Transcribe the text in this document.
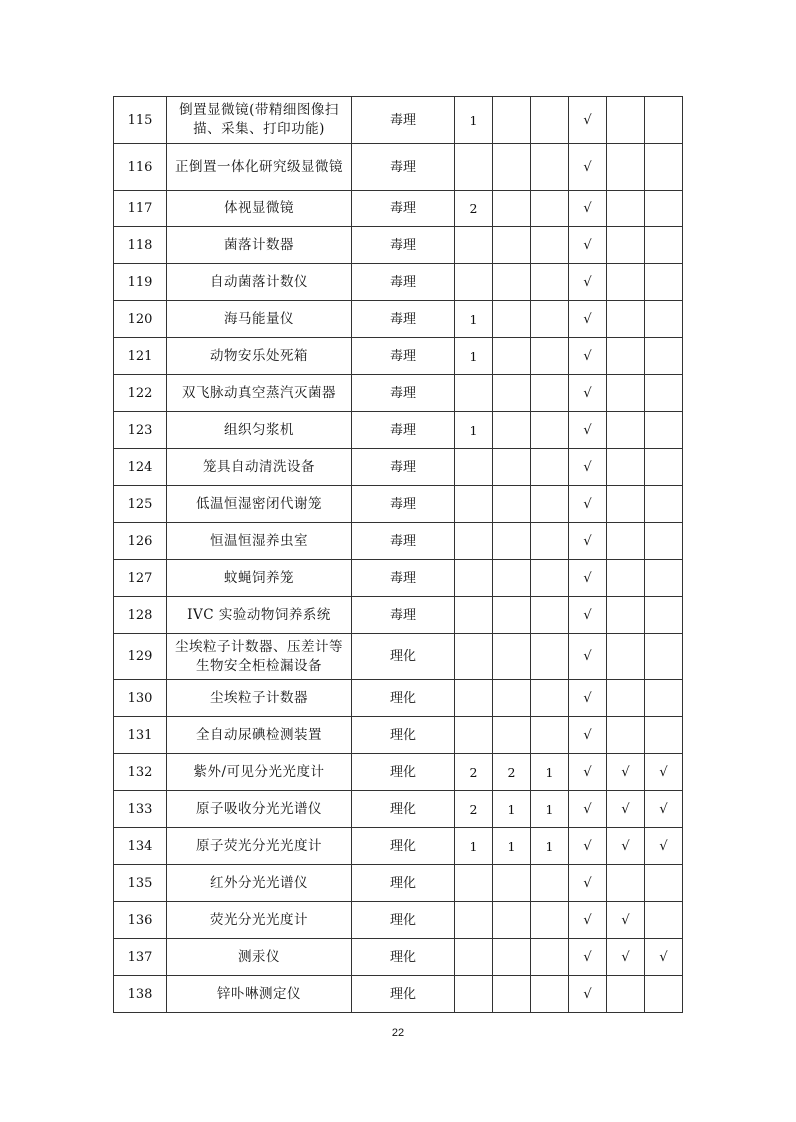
115	倒置显微镜(带精细图像扫描、采集、打印功能)	毒理	1			√		
116	正倒置一体化研究级显微镜	毒理				√		
117	体视显微镜	毒理	2			√		
118	菌落计数器	毒理				√		
119	自动菌落计数仪	毒理				√		
120	海马能量仪	毒理	1			√		
121	动物安乐处死箱	毒理	1			√		
122	双飞脉动真空蒸汽灭菌器	毒理				√		
123	组织匀浆机	毒理	1			√		
124	笼具自动清洗设备	毒理				√		
125	低温恒湿密闭代谢笼	毒理				√		
126	恒温恒湿养虫室	毒理				√		
127	蚊蝇饲养笼	毒理				√		
128	IVC 实验动物饲养系统	毒理				√		
129	尘埃粒子计数器、压差计等生物安全柜检漏设备	理化				√		
130	尘埃粒子计数器	理化				√		
131	全自动尿碘检测装置	理化				√		
132	紫外/可见分光光度计	理化	2	2	1	√	√	√
133	原子吸收分光光谱仪	理化	2	1	1	√	√	√
134	原子荧光分光光度计	理化	1	1	1	√	√	√
135	红外分光光谱仪	理化				√		
136	荧光分光光度计	理化				√	√	
137	测汞仪	理化				√	√	√
138	锌卟啉测定仪	理化				√		
22
